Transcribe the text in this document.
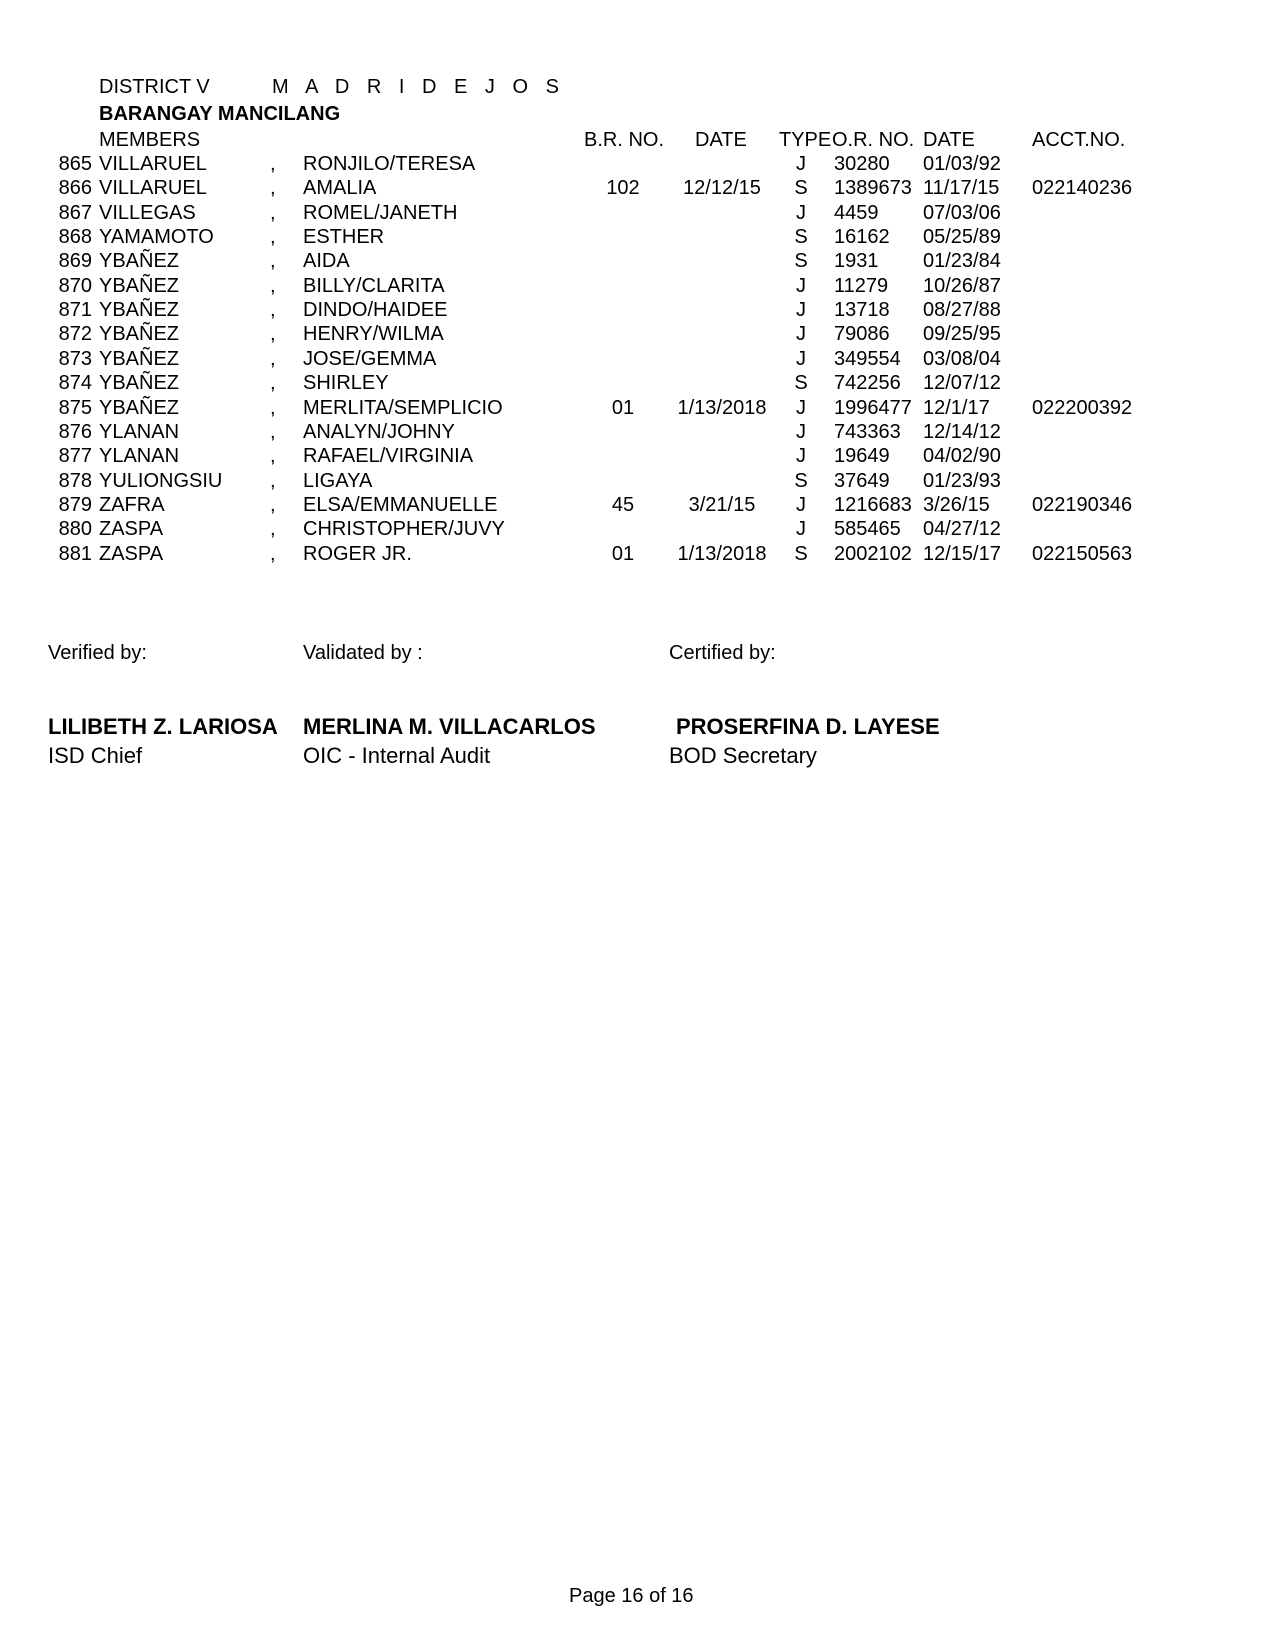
DISTRICT V	M A D R I D E J O S
BARANGAY MANCILANG
MEMBERS	B.R. NO. DATE TYPE O.R. NO. DATE	ACCT.NO.
865 VILLARUEL	, RONJILO/TERESA	J	30280	01/03/92
866 VILLARUEL	, AMALIA	102	12/12/15	S 1389673 11/17/15	022140236
867 VILLEGAS	, ROMEL/JANETH	J	4459	07/03/06
868 YAMAMOTO	, ESTHER	S 16162	05/25/89
869 YBAÑEZ	, AIDA	S 1931	01/23/84
870 YBAÑEZ	, BILLY/CLARITA	J	11279	10/26/87
871 YBAÑEZ	, DINDO/HAIDEE	J	13718	08/27/88
872 YBAÑEZ	, HENRY/WILMA	J	79086	09/25/95
873 YBAÑEZ	, JOSE/GEMMA	J	349554	03/08/04
874 YBAÑEZ	, SHIRLEY	S 742256	12/07/12
875 YBAÑEZ	, MERLITA/SEMPLICIO	01	1/13/2018	J	1996477 12/1/17	022200392
876 YLANAN	, ANALYN/JOHNY	J	743363	12/14/12
877 YLANAN	, RAFAEL/VIRGINIA	J	19649	04/02/90
878 YULIONGSIU	, LIGAYA	S 37649	01/23/93
879 ZAFRA	, ELSA/EMMANUELLE	45	3/21/15	J	1216683 3/26/15	022190346
880 ZASPA	, CHRISTOPHER/JUVY	J	585465	04/27/12
881 ZASPA	, ROGER JR.	01	1/13/2018	S 2002102 12/15/17	022150563
Verified by:	Validated by :	Certified by:
LILIBETH Z. LARIOSA MERLINA M. VILLACARLOS	PROSERFINA D. LAYESE
ISD Chief	OIC - Internal Audit	BOD Secretary
Page 16 of 16
